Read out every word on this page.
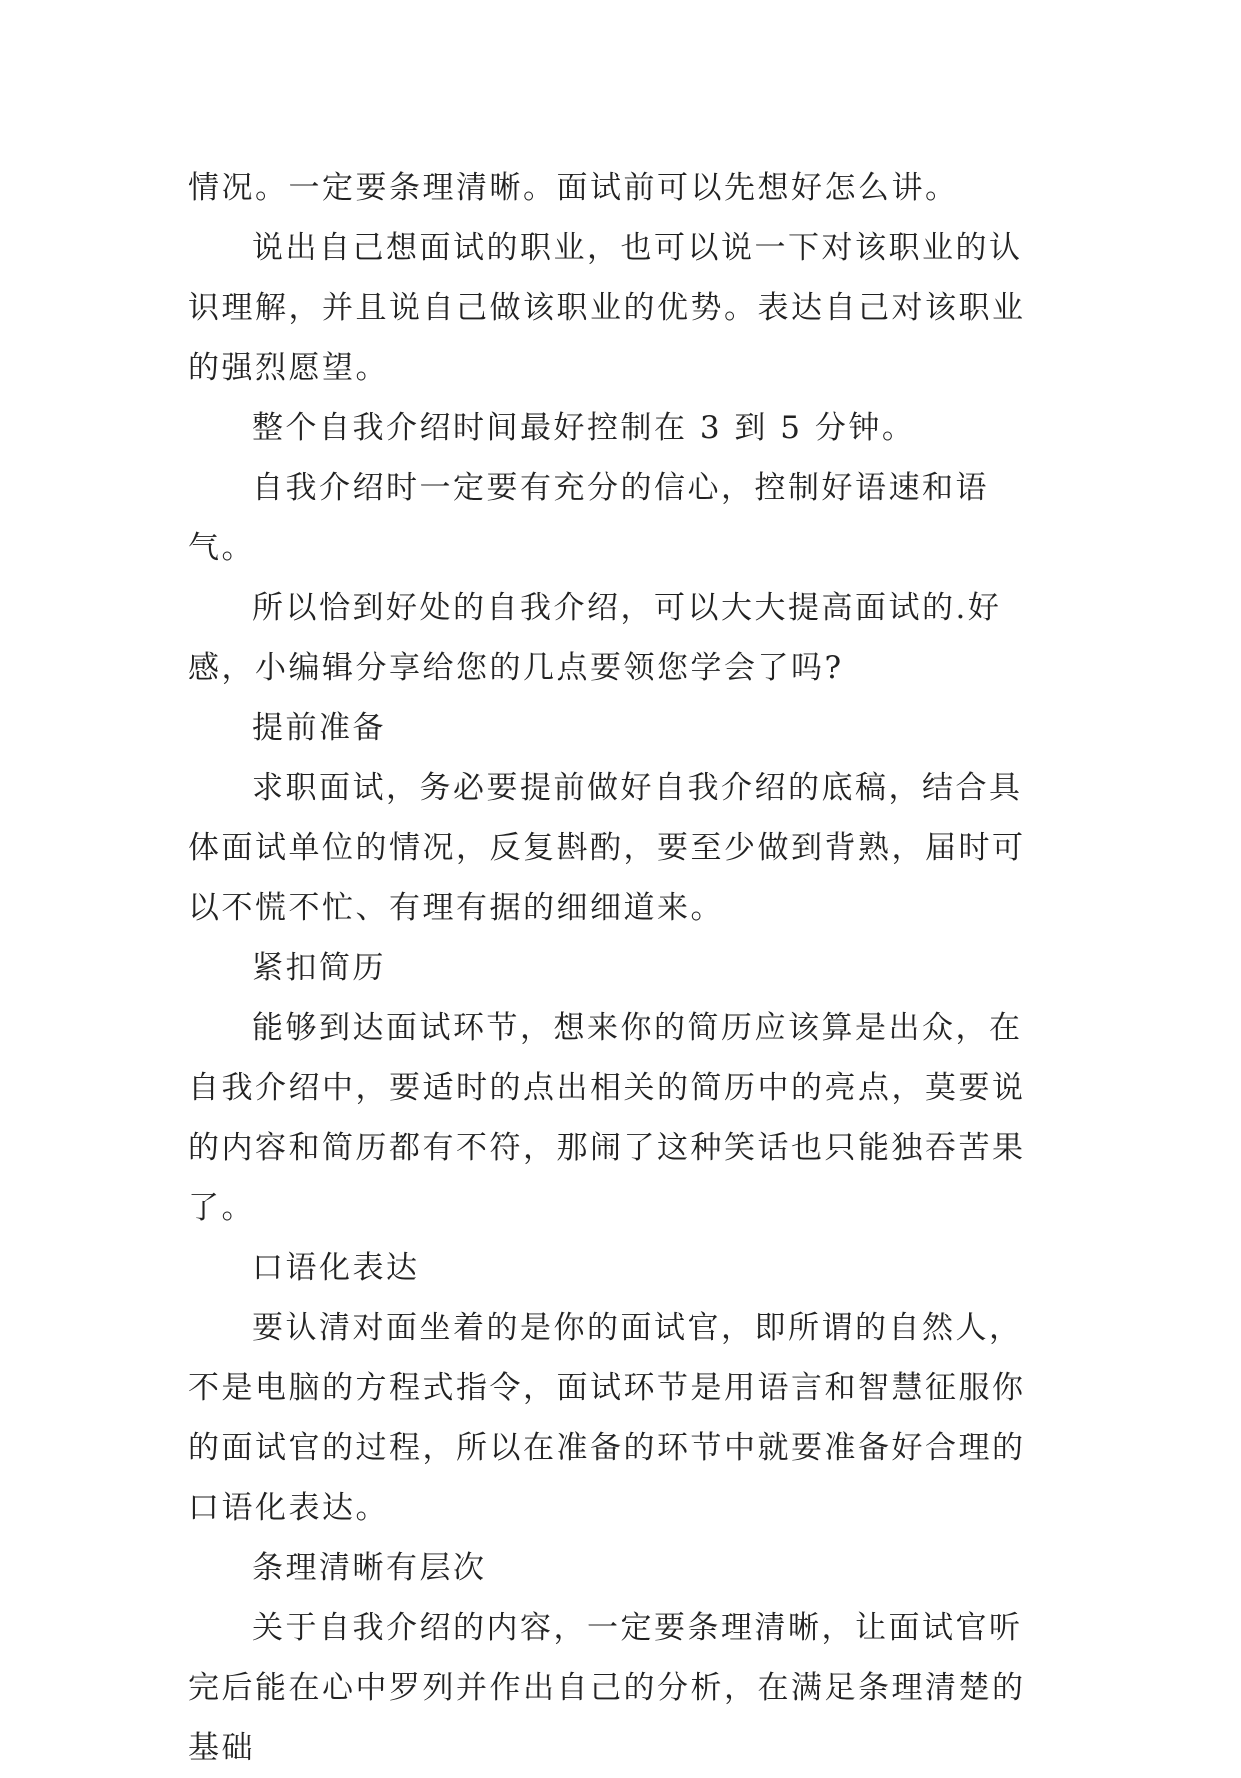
情况。一定要条理清晰。面试前可以先想好怎么讲。

说出自己想面试的职业，也可以说一下对该职业的认识理解，并且说自己做该职业的优势。表达自己对该职业的强烈愿望。

整个自我介绍时间最好控制在 3 到 5 分钟。

自我介绍时一定要有充分的信心，控制好语速和语气。

所以恰到好处的自我介绍，可以大大提高面试的.好感，小编辑分享给您的几点要领您学会了吗?

提前准备

求职面试，务必要提前做好自我介绍的底稿，结合具体面试单位的情况，反复斟酌，要至少做到背熟，届时可以不慌不忙、有理有据的细细道来。

紧扣简历

能够到达面试环节，想来你的简历应该算是出众，在自我介绍中，要适时的点出相关的简历中的亮点，莫要说的内容和简历都有不符，那闹了这种笑话也只能独吞苦果了。

口语化表达

要认清对面坐着的是你的面试官，即所谓的自然人，不是电脑的方程式指令，面试环节是用语言和智慧征服你的面试官的过程，所以在准备的环节中就要准备好合理的口语化表达。

条理清晰有层次

关于自我介绍的内容，一定要条理清晰，让面试官听完后能在心中罗列并作出自己的分析，在满足条理清楚的基础
